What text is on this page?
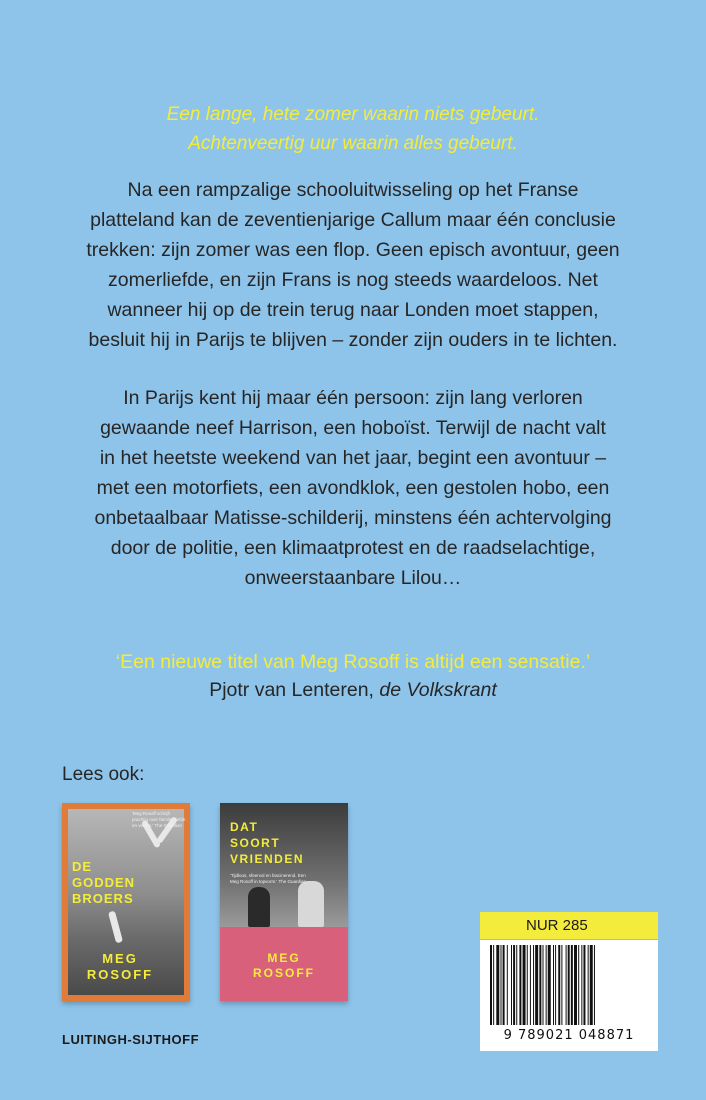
Een lange, hete zomer waarin niets gebeurt.
Achtenveertig uur waarin alles gebeurt.
Na een rampzalige schooluitwisseling op het Franse
platteland kan de zeventienjarige Callum maar één conclusie
trekken: zijn zomer was een flop. Geen episch avontuur, geen
zomerliefde, en zijn Frans is nog steeds waardeloos. Net
wanneer hij op de trein terug naar Londen moet stappen,
besluit hij in Parijs te blijven – zonder zijn ouders in te lichten.
In Parijs kent hij maar één persoon: zijn lang verloren
gewaande neef Harrison, een hoboïst. Terwijl de nacht valt
in het heetste weekend van het jaar, begint een avontuur –
met een motorfiets, een avondklok, een gestolen hobo, een
onbetaalbaar Matisse-schilderij, minstens één achtervolging
door de politie, een klimaatprotest en de raadselachtige,
onweerstaanbare Lilou…
‘Een nieuwe titel van Meg Rosoff is altijd een sensatie.’
Pjotr van Lenteren, de Volkskrant
Lees ook:
'Meg Rosoff schrijft prachtig over familie, liefde en verlies.' The Guardian
DE
GODDEN
BROERS
MEG
ROSOFF
DAT
SOORT
VRIENDEN
'Tijdloos, sfeervol en fascinerend. Een Meg Rosoff in topvorm.' The Guardian
MEG
ROSOFF
LUITINGH-SIJTHOFF
NUR 285
9 789021 048871
